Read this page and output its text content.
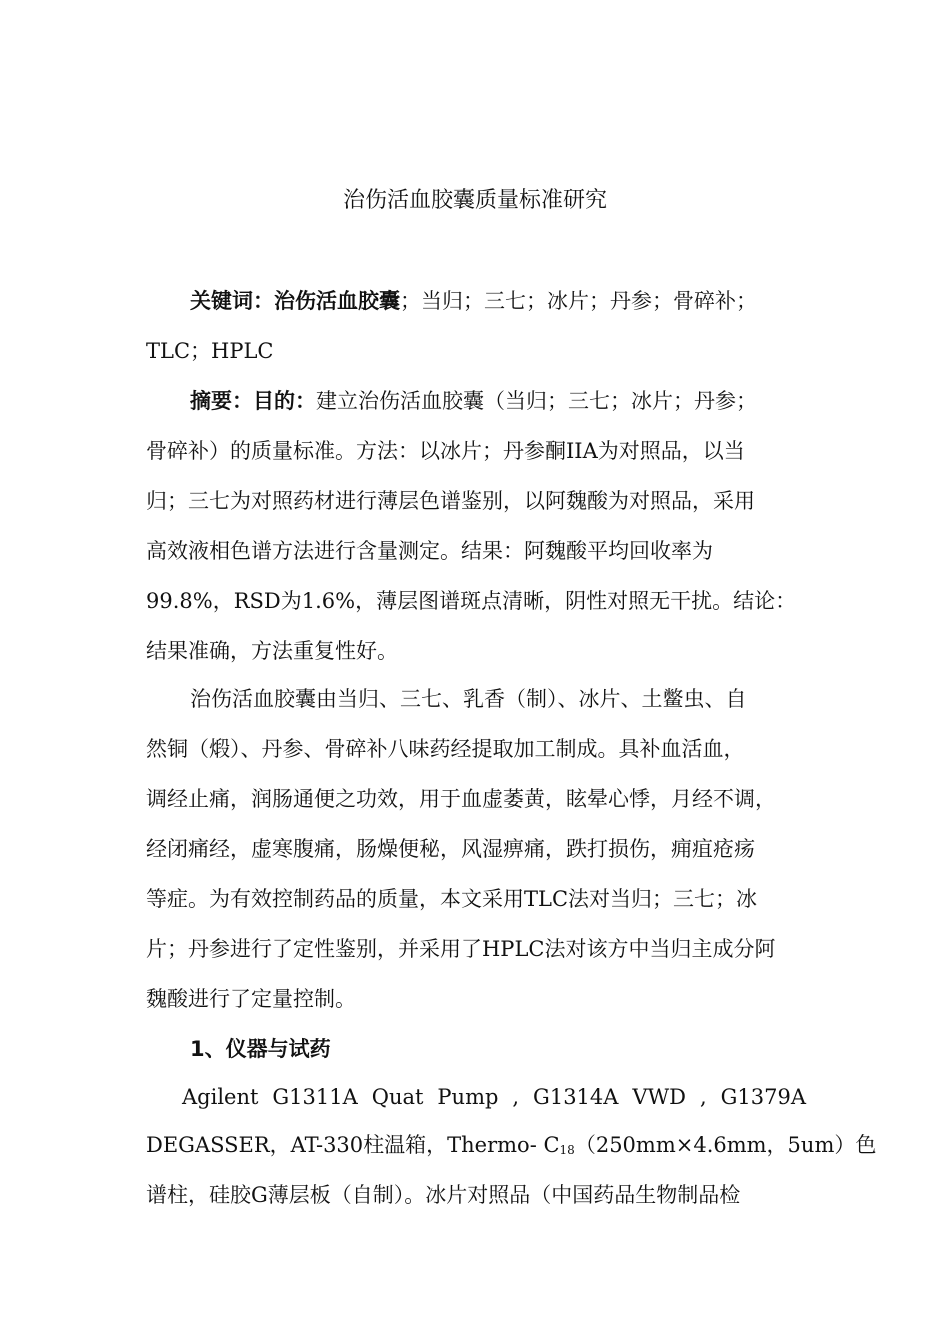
治伤活血胶囊质量标准研究
关键词：治伤活血胶囊；当归；三七；冰片；丹参；骨碎补；
TLC；HPLC
摘要：目的：建立治伤活血胶囊（当归；三七；冰片；丹参；
骨碎补）的质量标准。方法：以冰片；丹参酮IIA为对照品，以当
归；三七为对照药材进行薄层色谱鉴别，以阿魏酸为对照品，采用
高效液相色谱方法进行含量测定。结果：阿魏酸平均回收率为
99.8%，RSD为1.6%，薄层图谱斑点清晰，阴性对照无干扰。结论：
结果准确，方法重复性好。
治伤活血胶囊由当归、三七、乳香（制）、冰片、土鳖虫、自
然铜（煅）、丹参、骨碎补八味药经提取加工制成。具补血活血，
调经止痛，润肠通便之功效，用于血虚萎黄，眩晕心悸，月经不调，
经闭痛经，虚寒腹痛，肠燥便秘，风湿痹痛，跌打损伤，痈疽疮疡
等症。为有效控制药品的质量，本文采用TLC法对当归；三七；冰
片；丹参进行了定性鉴别，并采用了HPLC法对该方中当归主成分阿
魏酸进行了定量控制。
1、仪器与试药
Agilent G1311A Quat Pump , G1314A VWD , G1379A
DEGASSER，AT-330柱温箱，Thermo- $C_{18}(250mm\times 4.6mm$，5um）色
谱柱，硅胶G薄层板（自制）。冰片对照品（中国药品生物制品检
